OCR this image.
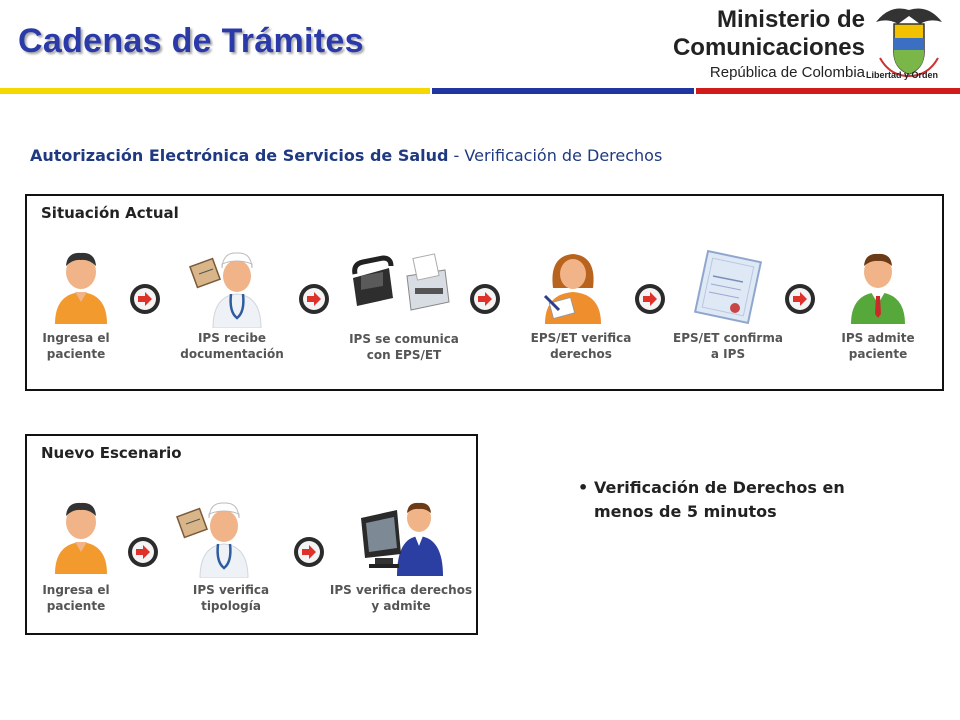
Cadenas de Trámites
Ministerio de
Comunicaciones
República de Colombia Libertad y Orden
Autorización Electrónica de Servicios de Salud - Verificación de Derechos
Situación Actual
Ingresa el paciente
IPS recibe documentación
IPS se comunica con EPS/ET
EPS/ET verifica derechos
EPS/ET confirma a IPS
IPS admite paciente
Nuevo Escenario
Ingresa el paciente
IPS verifica tipología
IPS verifica derechos y admite
• Verificación de Derechos en menos de 5 minutos
